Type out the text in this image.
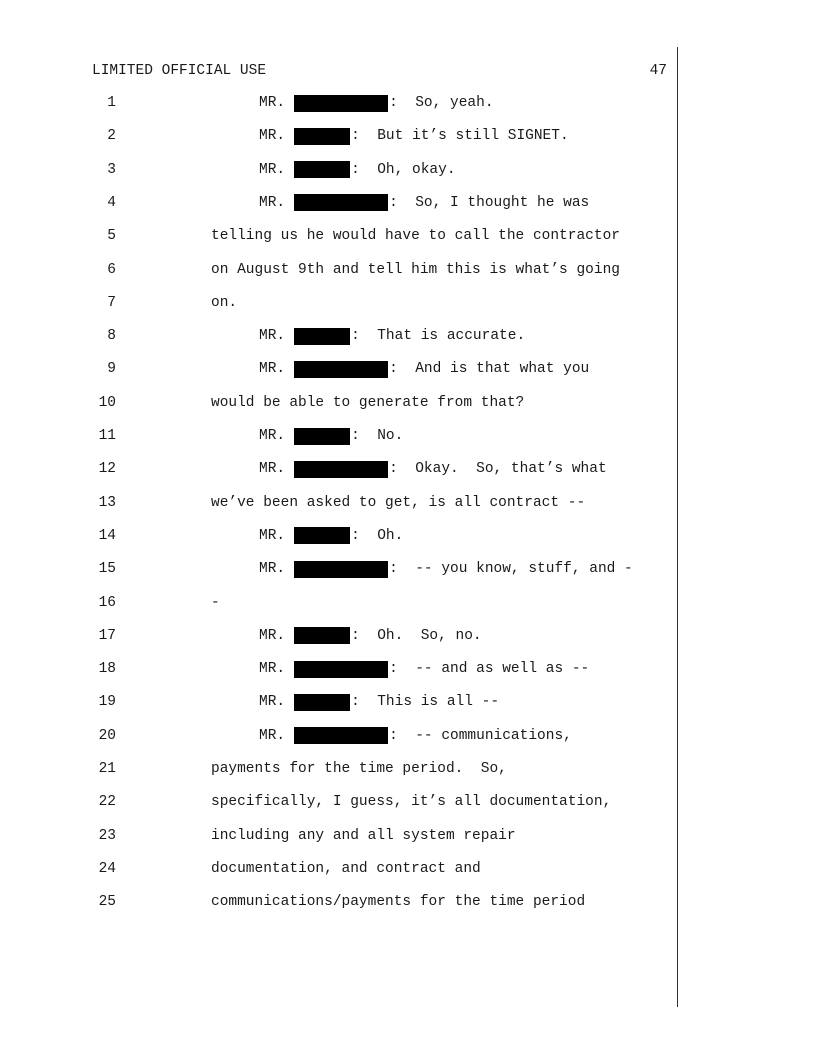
LIMITED OFFICIAL USE	47
1	MR.	: So, yeah.
2	MR.	: But it’s still SIGNET.
3	MR.	: Oh, okay.
4	MR.	: So, I thought he was
5	telling us he would have to call the contractor
6	on August 9th and tell him this is what’s going
7	on.
8	MR.	: That is accurate.
9	MR.	: And is that what you
10	would be able to generate from that?
11	MR.	: No.
12	MR.	: Okay.  So, that’s what
13	we’ve been asked to get, is all contract --
14	MR.	: Oh.
15	MR.	: -- you know, stuff, and -
16	-
17	MR.	: Oh.  So, no.
18	MR.	: -- and as well as --
19	MR.	: This is all --
20	MR.	: -- communications,
21	payments for the time period.  So,
22	specifically, I guess, it’s all documentation,
23	including any and all system repair
24	documentation, and contract and
25	communications/payments for the time period
